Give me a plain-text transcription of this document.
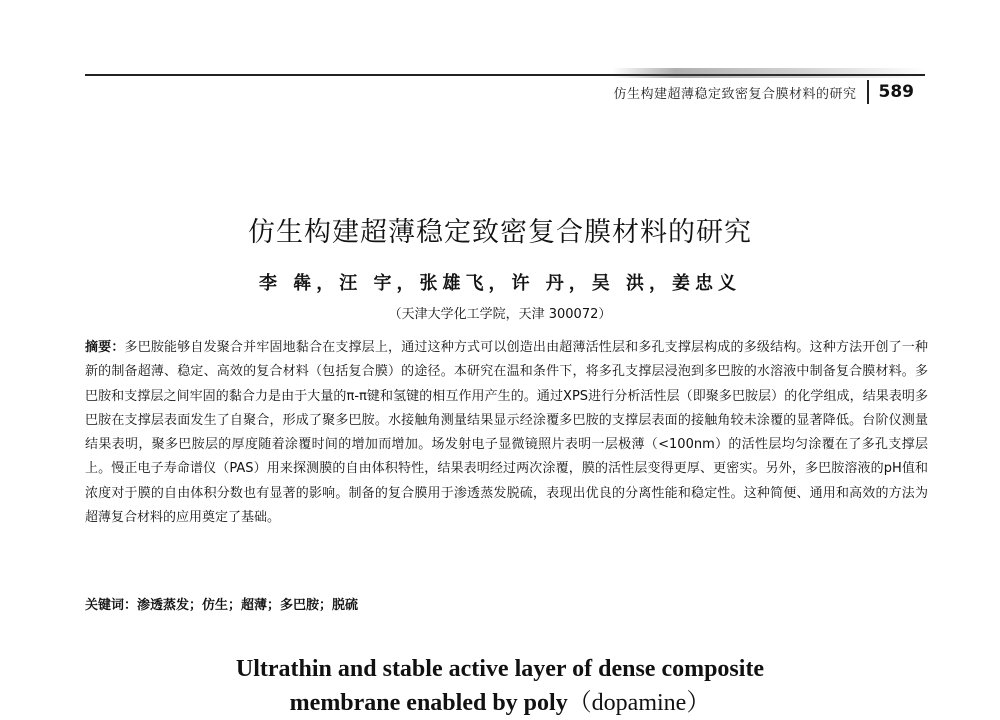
仿生构建超薄稳定致密复合膜材料的研究 589
仿生构建超薄稳定致密复合膜材料的研究
李 犇，汪 宇，张雄飞，许 丹，吴 洪，姜忠义
（天津大学化工学院，天津 300072）

摘要：多巴胺能够自发聚合并牢固地黏合在支撑层上，通过这种方式可以创造出由超薄活性层和多孔支撑层构成的多级结构。这种方法开创了一种新的制备超薄、稳定、高效的复合材料（包括复合膜）的途径。本研究在温和条件下，将多孔支撑层浸泡到多巴胺的水溶液中制备复合膜材料。多巴胺和支撑层之间牢固的黏合力是由于大量的π-π键和氢键的相互作用产生的。通过XPS进行分析活性层（即聚多巴胺层）的化学组成，结果表明多巴胺在支撑层表面发生了自聚合，形成了聚多巴胺。水接触角测量结果显示经涂覆多巴胺的支撑层表面的接触角较未涂覆的显著降低。台阶仪测量结果表明，聚多巴胺层的厚度随着涂覆时间的增加而增加。场发射电子显微镜照片表明一层极薄（<100nm）的活性层均匀涂覆在了多孔支撑层上。慢正电子寿命谱仪（PAS）用来探测膜的自由体积特性，结果表明经过两次涂覆，膜的活性层变得更厚、更密实。另外，多巴胺溶液的pH值和浓度对于膜的自由体积分数也有显著的影响。制备的复合膜用于渗透蒸发脱硫，表现出优良的分离性能和稳定性。这种简便、通用和高效的方法为超薄复合材料的应用奠定了基础。

关键词：渗透蒸发；仿生；超薄；多巴胺；脱硫

Ultrathin and stable active layer of dense composite
membrane enabled by poly（dopamine）
